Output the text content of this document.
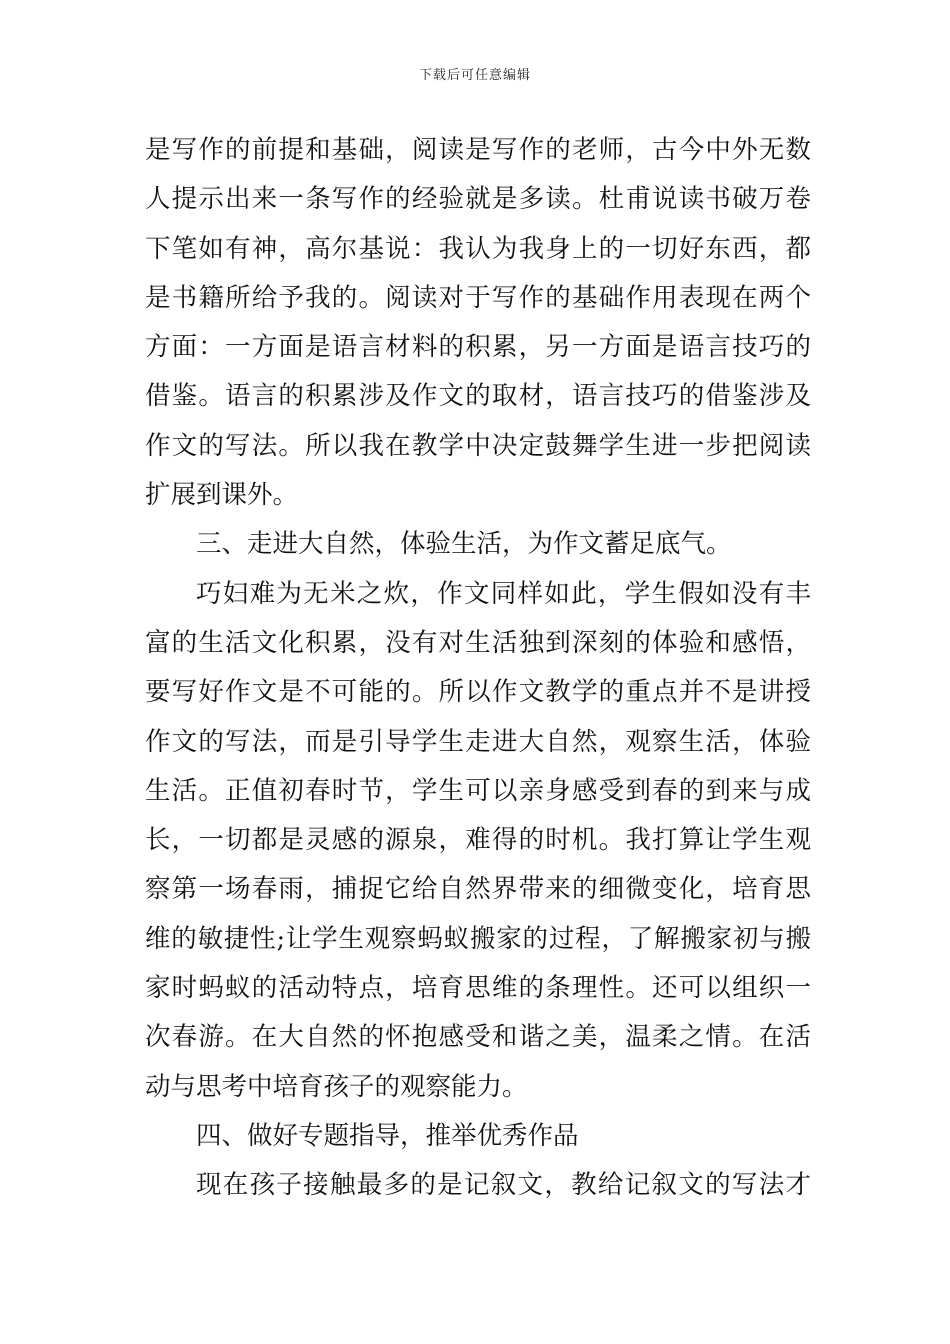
下载后可任意编辑
是写作的前提和基础，阅读是写作的老师，古今中外无数
人提示出来一条写作的经验就是多读。杜甫说读书破万卷
下笔如有神，高尔基说：我认为我身上的一切好东西，都
是书籍所给予我的。阅读对于写作的基础作用表现在两个
方面：一方面是语言材料的积累，另一方面是语言技巧的
借鉴。语言的积累涉及作文的取材，语言技巧的借鉴涉及
作文的写法。所以我在教学中决定鼓舞学生进一步把阅读
扩展到课外。
三、走进大自然，体验生活，为作文蓄足底气。
巧妇难为无米之炊，作文同样如此，学生假如没有丰
富的生活文化积累，没有对生活独到深刻的体验和感悟，
要写好作文是不可能的。所以作文教学的重点并不是讲授
作文的写法，而是引导学生走进大自然，观察生活，体验
生活。正值初春时节，学生可以亲身感受到春的到来与成
长，一切都是灵感的源泉，难得的时机。我打算让学生观
察第一场春雨，捕捉它给自然界带来的细微变化，培育思
维的敏捷性;让学生观察蚂蚁搬家的过程，了解搬家初与搬
家时蚂蚁的活动特点，培育思维的条理性。还可以组织一
次春游。在大自然的怀抱感受和谐之美，温柔之情。在活
动与思考中培育孩子的观察能力。
四、做好专题指导，推举优秀作品
现在孩子接触最多的是记叙文，教给记叙文的写法才
